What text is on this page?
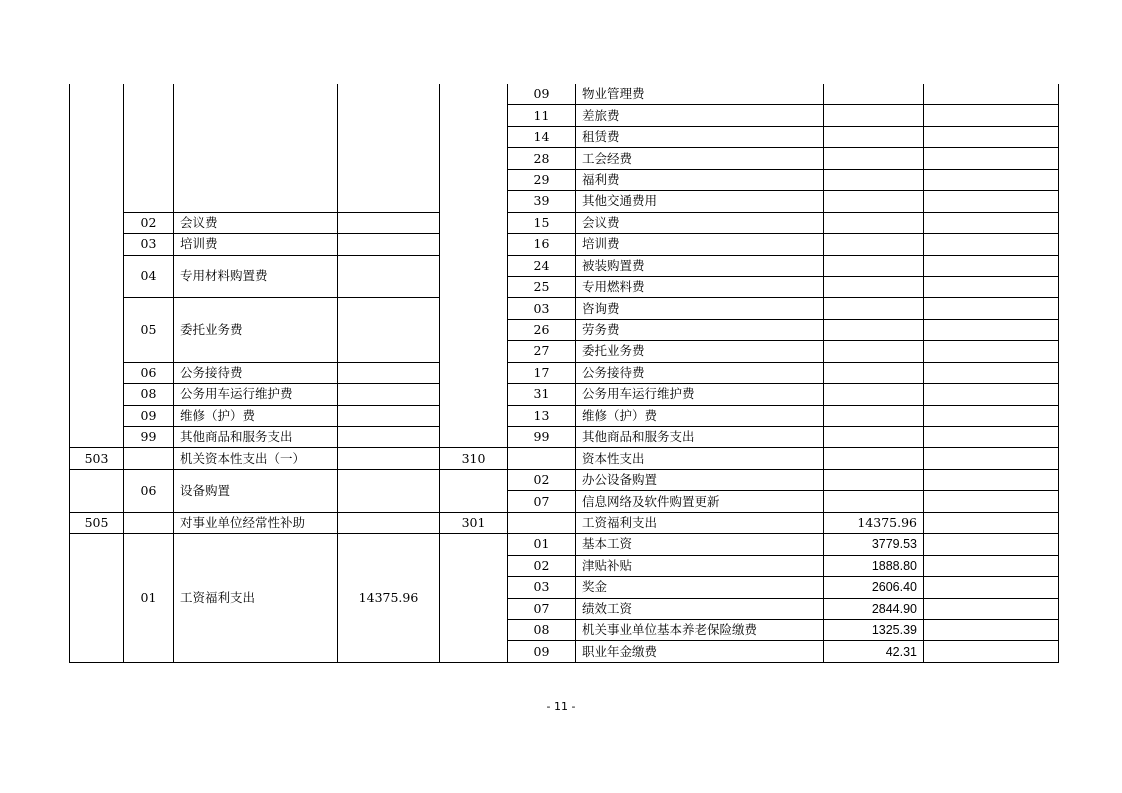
					09	物业管理费		
					11	差旅费		
					14	租赁费		
					28	工会经费		
					29	福利费		
					39	其他交通费用		
	02	会议费			15	会议费		
	03	培训费			16	培训费		
	04	专用材料购置费			24	被装购置费		
					25	专用燃料费		
	05	委托业务费			03	咨询费		
					26	劳务费		
					27	委托业务费		
	06	公务接待费			17	公务接待费		
	08	公务用车运行维护费			31	公务用车运行维护费		
	09	维修（护）费			13	维修（护）费		
	99	其他商品和服务支出			99	其他商品和服务支出		
503		机关资本性支出（一）		310		资本性支出		
	06	设备购置			02	办公设备购置		
					07	信息网络及软件购置更新		
505		对事业单位经常性补助		301		工资福利支出	14375.96	
	01	工资福利支出	14375.96		01	基本工资	3779.53	
					02	津贴补贴	1888.80	
					03	奖金	2606.40	
					07	绩效工资	2844.90	
					08	机关事业单位基本养老保险缴费	1325.39	
					09	职业年金缴费	42.31	
- 11 -
